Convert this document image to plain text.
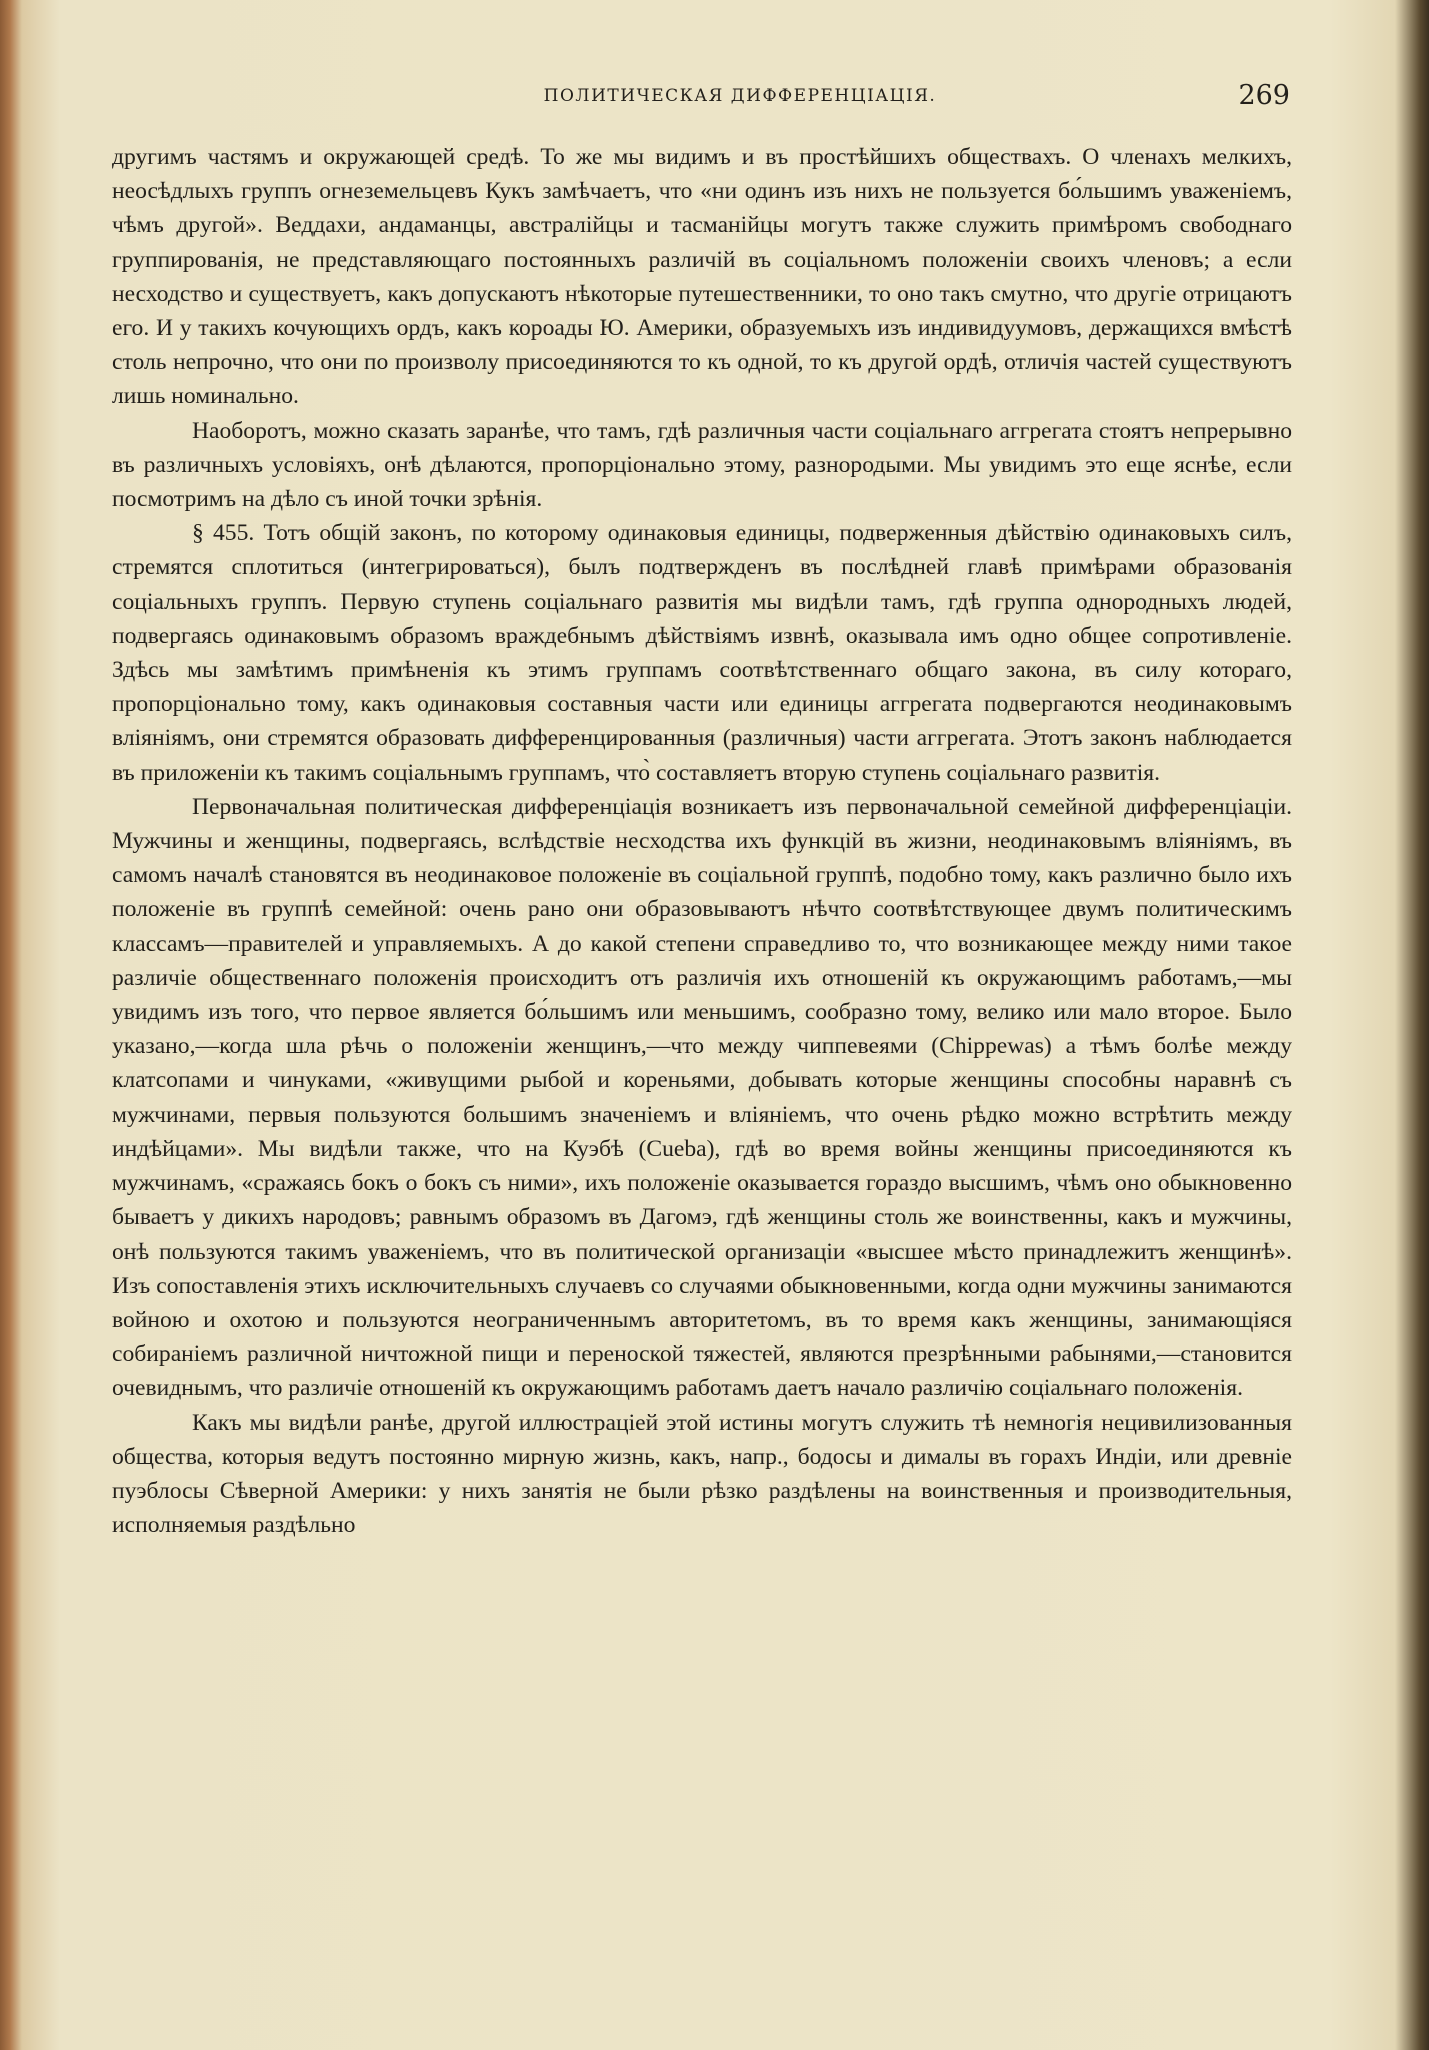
ПОЛИТИЧЕСКАЯ ДИФФЕРЕНЦІАЦІЯ.	269

другимъ частямъ и окружающей средѣ. То же мы видимъ и въ простѣйшихъ обществахъ. О членахъ мелкихъ, неосѣдлыхъ группъ огнеземельцевъ Кукъ замѣчаетъ, что «ни одинъ изъ нихъ не пользуется бо́льшимъ уваженіемъ, чѣмъ другой». Веддахи, андаманцы, австралійцы и тасманійцы могутъ также служить примѣромъ свободнаго группированія, не представляющаго постоянныхъ различій въ соціальномъ положеніи своихъ членовъ; а если несходство и существуетъ, какъ допускаютъ нѣкоторые путешественники, то оно такъ смутно, что другіе отрицаютъ его. И у такихъ кочующихъ ордъ, какъ короады Ю. Америки, образуемыхъ изъ индивидуумовъ, держащихся вмѣстѣ столь непрочно, что они по произволу присоединяются то къ одной, то къ другой ордѣ, отличія частей существуютъ лишь номинально.

Наоборотъ, можно сказать заранѣе, что тамъ, гдѣ различныя части соціальнаго аггрегата стоятъ непрерывно въ различныхъ условіяхъ, онѣ дѣлаются, пропорціонально этому, разнородыми. Мы увидимъ это еще яснѣе, если посмотримъ на дѣло съ иной точки зрѣнія.

§ 455. Тотъ общій законъ, по которому одинаковыя единицы, подверженныя дѣйствію одинаковыхъ силъ, стремятся сплотиться (интегрироваться), былъ подтвержденъ въ послѣдней главѣ примѣрами образованія соціальныхъ группъ. Первую ступень соціальнаго развитія мы видѣли тамъ, гдѣ группа однородныхъ людей, подвергаясь одинаковымъ образомъ враждебнымъ дѣйствіямъ извнѣ, оказывала имъ одно общее сопротивленіе. Здѣсь мы замѣтимъ примѣненія къ этимъ группамъ соотвѣтственнаго общаго закона, въ силу котораго, пропорціонально тому, какъ одинаковыя составныя части или единицы аггрегата подвергаются неодинаковымъ вліяніямъ, они стремятся образовать дифференцированныя (различныя) части аггрегата. Этотъ законъ наблюдается въ приложеніи къ такимъ соціальнымъ группамъ, что̀ составляетъ вторую ступень соціальнаго развитія.

Первоначальная политическая дифференціація возникаетъ изъ первоначальной семейной дифференціаціи. Мужчины и женщины, подвергаясь, вслѣдствіе несходства ихъ функцій въ жизни, неодинаковымъ вліяніямъ, въ самомъ началѣ становятся въ неодинаковое положеніе въ соціальной группѣ, подобно тому, какъ различно было ихъ положеніе въ группѣ семейной: очень рано они образовываютъ нѣчто соотвѣтствующее двумъ политическимъ классамъ—правителей и управляемыхъ. А до какой степени справедливо то, что возникающее между ними такое различіе общественнаго положенія происходитъ отъ различія ихъ отношеній къ окружающимъ работамъ,—мы увидимъ изъ того, что первое является бо́льшимъ или меньшимъ, сообразно тому, велико или мало второе. Было указано,—когда шла рѣчь о положеніи женщинъ,—что между чиппевеями (Chippewas) а тѣмъ болѣе между клатсопами и чинуками, «живущими рыбой и кореньями, добывать которые женщины способны наравнѣ съ мужчинами, первыя пользуются большимъ значеніемъ и вліяніемъ, что очень рѣдко можно встрѣтить между индѣйцами». Мы видѣли также, что на Куэбѣ (Cueba), гдѣ во время войны женщины присоединяются къ мужчинамъ, «сражаясь бокъ о бокъ съ ними», ихъ положеніе оказывается гораздо высшимъ, чѣмъ оно обыкновенно бываетъ у дикихъ народовъ; равнымъ образомъ въ Дагомэ, гдѣ женщины столь же воинственны, какъ и мужчины, онѣ пользуются такимъ уваженіемъ, что въ политической организаціи «высшее мѣсто принадлежитъ женщинѣ». Изъ сопоставленія этихъ исключительныхъ случаевъ со случаями обыкновенными, когда одни мужчины занимаются войною и охотою и пользуются неограниченнымъ авторитетомъ, въ то время какъ женщины, занимающіяся собираніемъ различной ничтожной пищи и переноской тяжестей, являются презрѣнными рабынями,—становится очевиднымъ, что различіе отношеній къ окружающимъ работамъ даетъ начало различію соціальнаго положенія.

Какъ мы видѣли ранѣе, другой иллюстраціей этой истины могутъ служить тѣ немногія нецивилизованныя общества, которыя ведутъ постоянно мирную жизнь, какъ, напр., бодосы и дималы въ горахъ Индіи, или древніе пуэблосы Сѣверной Америки: у нихъ занятія не были рѣзко раздѣлены на воинственныя и производительныя, исполняемыя раздѣльно
